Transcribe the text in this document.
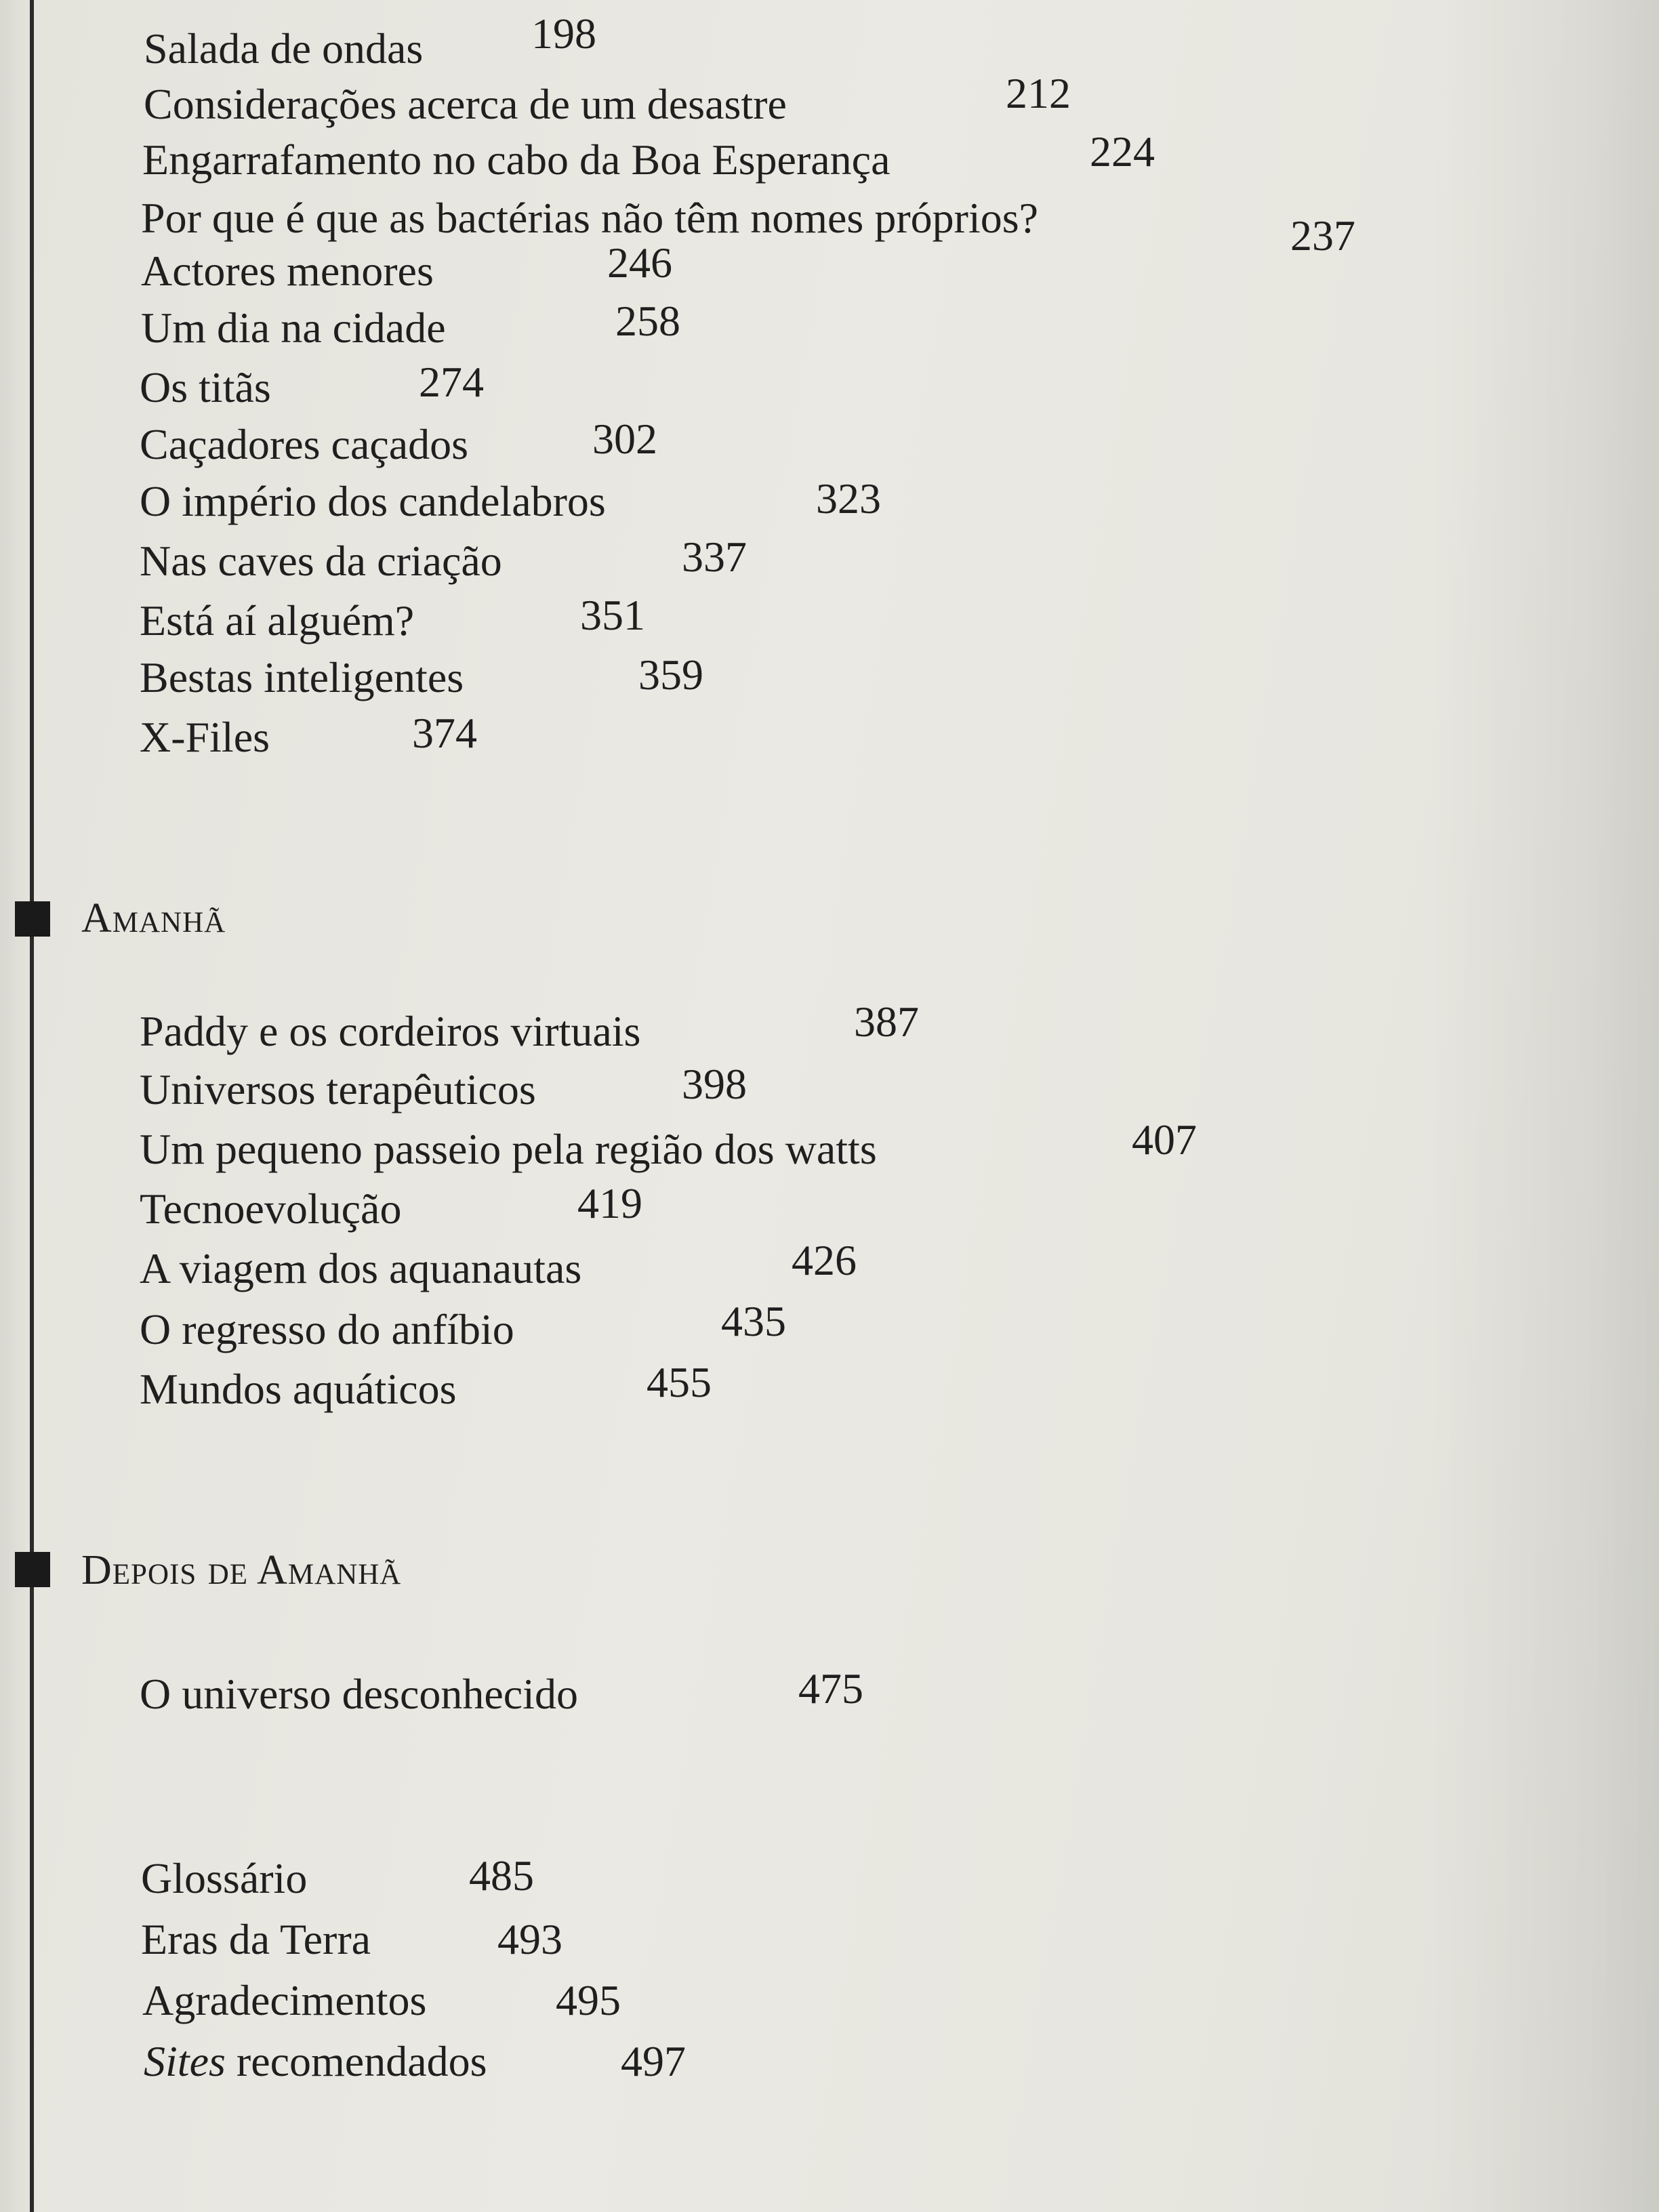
Salada de ondas 198
Considerações acerca de um desastre	212
Engarrafamento no cabo da Boa Esperança	224
Por que é que as bactérias não têm nomes próprios?	237
Actores menores	246
Um dia na cidade	258
Os titãs	274
Caçadores caçados	302
O império dos candelabros	323
Nas caves da criação	337
Está aí alguém?	351
Bestas inteligentes	359
X-Files	374
Amanhã
Paddy e os cordeiros virtuais	387
Universos terapêuticos	398
Um pequeno passeio pela região dos watts	407
Tecnoevolução	419
A viagem dos aquanautas	426
O regresso do anfíbio	435
Mundos aquáticos	455
Depois de Amanhã
O universo desconhecido	475
Glossário	485
Eras da Terra	493
Agradecimentos	495
Sites recomendados	497
